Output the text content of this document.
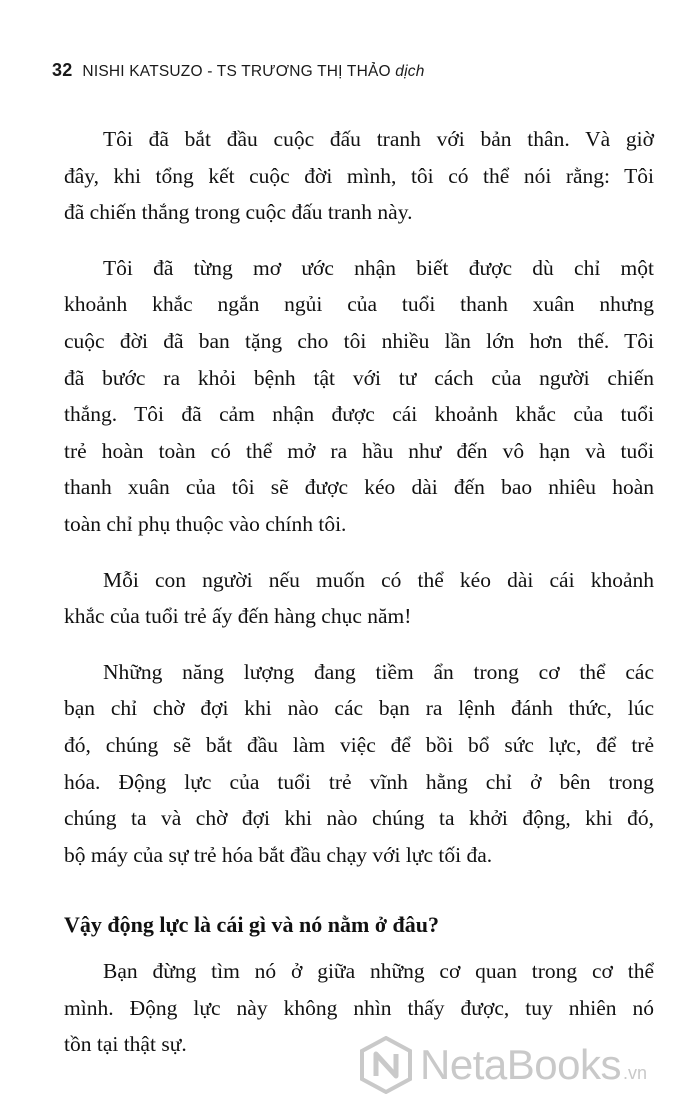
32 NISHI KATSUZO - TS TRƯƠNG THỊ THẢO dịch

Tôi đã bắt đầu cuộc đấu tranh với bản thân. Và giờ
đây, khi tổng kết cuộc đời mình, tôi có thể nói rằng: Tôi
đã chiến thắng trong cuộc đấu tranh này.

Tôi đã từng mơ ước nhận biết được dù chỉ một
khoảnh khắc ngắn ngủi của tuổi thanh xuân nhưng
cuộc đời đã ban tặng cho tôi nhiều lần lớn hơn thế. Tôi
đã bước ra khỏi bệnh tật với tư cách của người chiến
thắng. Tôi đã cảm nhận được cái khoảnh khắc của tuổi
trẻ hoàn toàn có thể mở ra hầu như đến vô hạn và tuổi
thanh xuân của tôi sẽ được kéo dài đến bao nhiêu hoàn
toàn chỉ phụ thuộc vào chính tôi.

Mỗi con người nếu muốn có thể kéo dài cái khoảnh
khắc của tuổi trẻ ấy đến hàng chục năm!

Những năng lượng đang tiềm ẩn trong cơ thể các
bạn chỉ chờ đợi khi nào các bạn ra lệnh đánh thức, lúc
đó, chúng sẽ bắt đầu làm việc để bồi bổ sức lực, để trẻ
hóa. Động lực của tuổi trẻ vĩnh hằng chỉ ở bên trong
chúng ta và chờ đợi khi nào chúng ta khởi động, khi đó,
bộ máy của sự trẻ hóa bắt đầu chạy với lực tối đa.

Vậy động lực là cái gì và nó nằm ở đâu?

Bạn đừng tìm nó ở giữa những cơ quan trong cơ thể
mình. Động lực này không nhìn thấy được, tuy nhiên nó
tồn tại thật sự.	NetaBooks .vn
